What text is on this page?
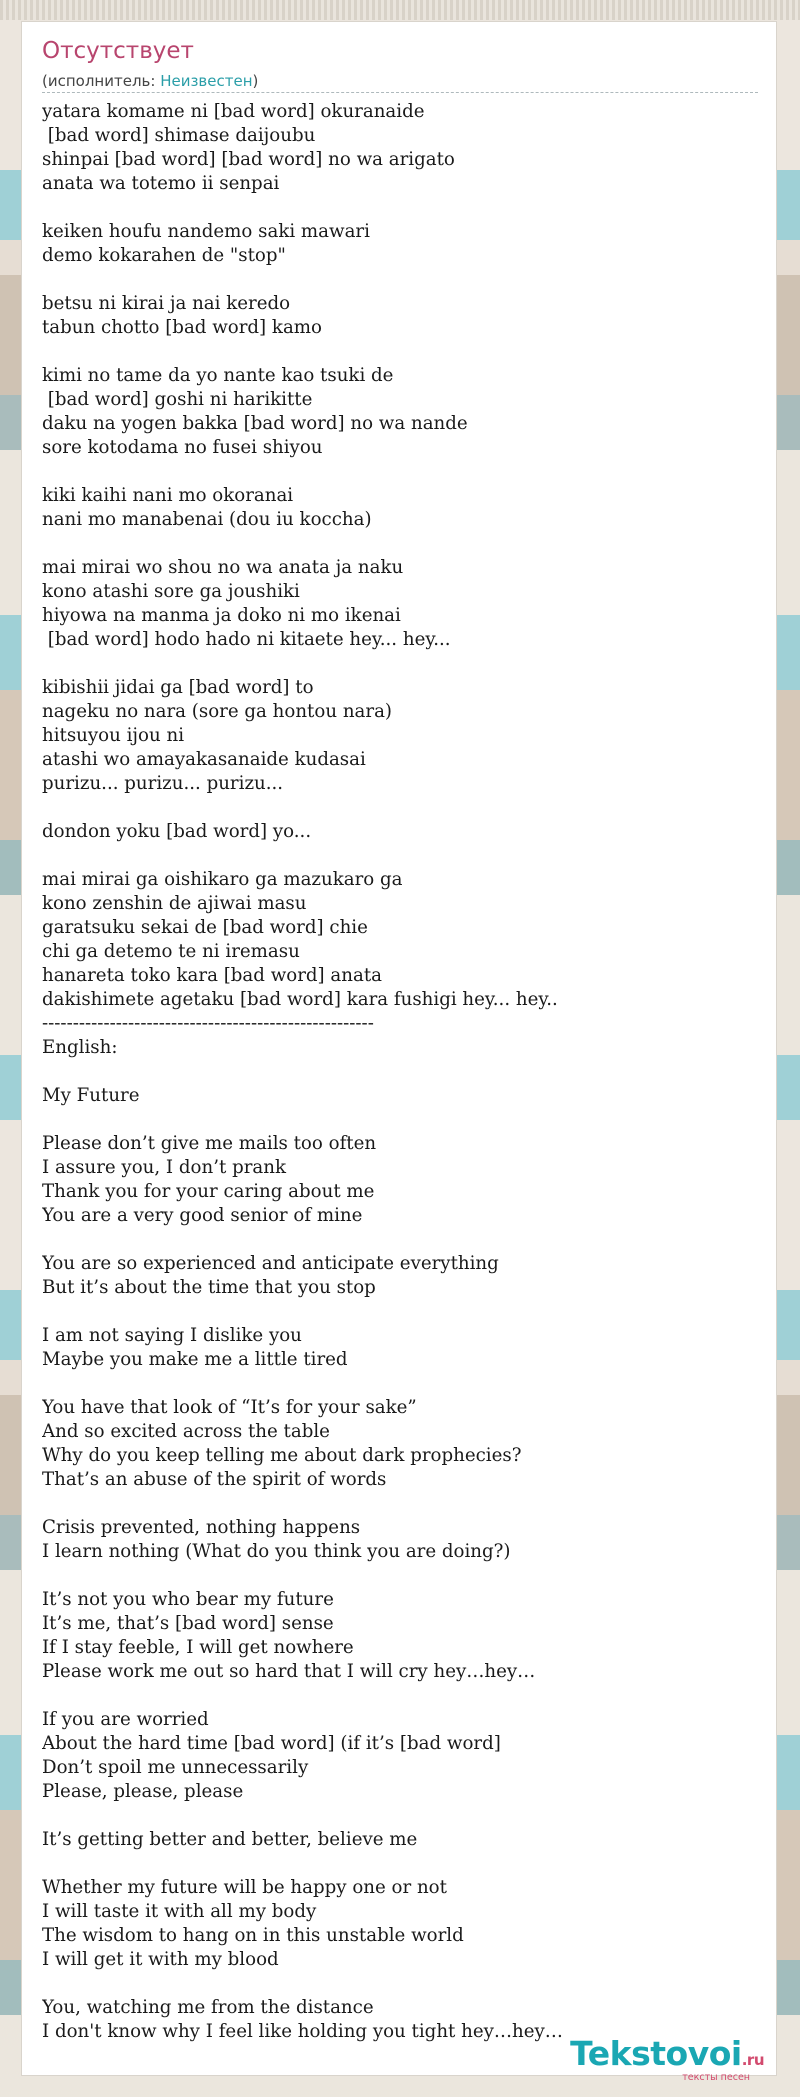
Отсутствует
(исполнитель: Неизвестен)
yatara komame ni [bad word] okuranaide
[bad word] shimase daijoubu
shinpai [bad word] [bad word] no wa arigato
anata wa totemo ii senpai
keiken houfu nandemo saki mawari
demo kokarahen de "stop"
betsu ni kirai ja nai keredo
tabun chotto [bad word] kamo
kimi no tame da yo nante kao tsuki de
[bad word] goshi ni harikitte
daku na yogen bakka [bad word] no wa nande
sore kotodama no fusei shiyou
kiki kaihi nani mo okoranai
nani mo manabenai (dou iu koccha)
mai mirai wo shou no wa anata ja naku
kono atashi sore ga joushiki
hiyowa na manma ja doko ni mo ikenai
[bad word] hodo hado ni kitaete hey... hey...
kibishii jidai ga [bad word] to
nageku no nara (sore ga hontou nara)
hitsuyou ijou ni
atashi wo amayakasanaide kudasai
purizu... purizu... purizu...
dondon yoku [bad word] yo...
mai mirai ga oishikaro ga mazukaro ga
kono zenshin de ajiwai masu
garatsuku sekai de [bad word] chie
chi ga detemo te ni iremasu
hanareta toko kara [bad word] anata
dakishimete agetaku [bad word] kara fushigi hey... hey..
------------------------------------------------------
English:
My Future
Please don’t give me mails too often
I assure you, I don’t prank
Thank you for your caring about me
You are a very good senior of mine
You are so experienced and anticipate everything
But it’s about the time that you stop
I am not saying I dislike you
Maybe you make me a little tired
You have that look of “It’s for your sake”
And so excited across the table
Why do you keep telling me about dark prophecies?
That’s an abuse of the spirit of words
Crisis prevented, nothing happens
I learn nothing (What do you think you are doing?)
It’s not you who bear my future
It’s me, that’s [bad word] sense
If I stay feeble, I will get nowhere
Please work me out so hard that I will cry hey…hey…
If you are worried
About the hard time [bad word] (if it’s [bad word]
Don’t spoil me unnecessarily
Please, please, please
It’s getting better and better, believe me
Whether my future will be happy one or not
I will taste it with all my body
The wisdom to hang on in this unstable world
I will get it with my blood
You, watching me from the distance
I don't know why I feel like holding you tight hey…hey…
Tekstovoi.ru
тексты песен
